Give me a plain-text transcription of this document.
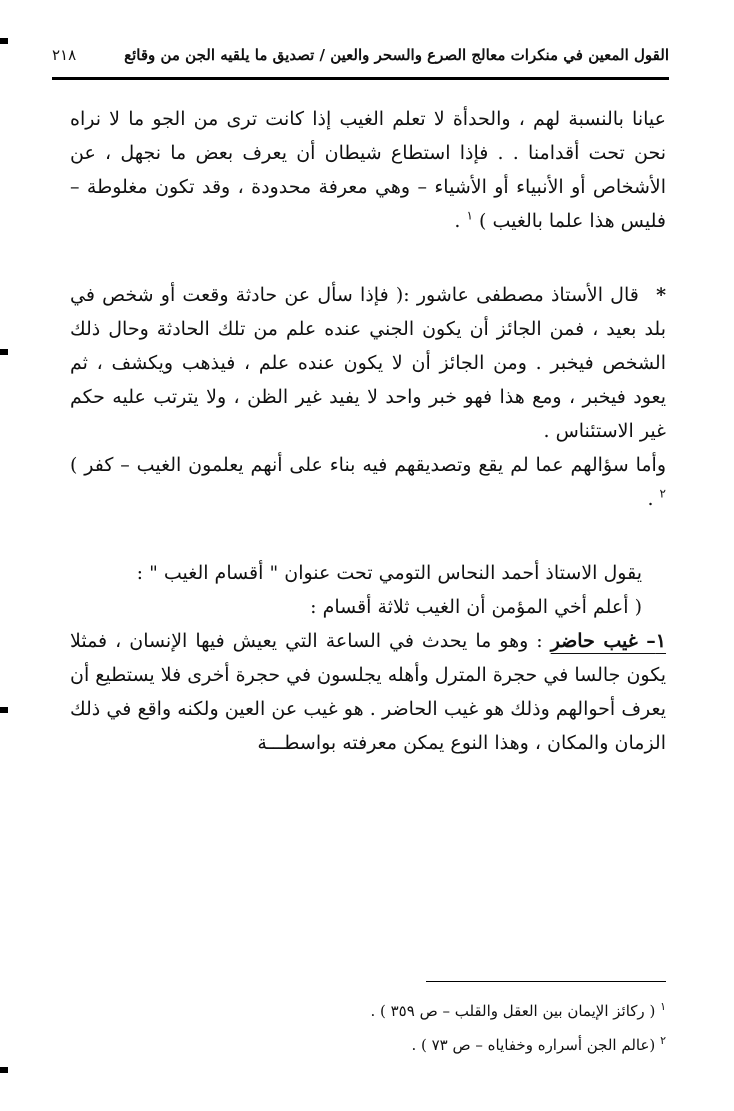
القول المعين في منكرات معالج الصرع والسحر والعين / تصديق ما يلقيه الجن من وقائع
٢١٨

عيانا بالنسبة لهم ، والحدأة لا تعلم الغيب إذا كانت ترى من الجو ما لا نراه نحن تحت أقدامنا . . فإذا استطاع شيطان أن يعرف بعض ما نجهل ، عن الأشخاص أو الأنبياء أو الأشياء – وهي معرفة محدودة ، وقد تكون مغلوطة – فليس هذا علما بالغيب ) $^١$ .

* قال الأستاذ مصطفى عاشور :( فإذا سأل عن حادثة وقعت أو شخص في بلد بعيد ، فمن الجائز أن يكون الجني عنده علم من تلك الحادثة وحال ذلك الشخص فيخبر . ومن الجائز أن لا يكون عنده علم ، فيذهب ويكشف ، ثم يعود فيخبر ، ومع هذا فهو خبر واحد لا يفيد غير الظن ، ولا يترتب عليه حكم غير الاستئناس .

وأما سؤالهم عما لم يقع وتصديقهم فيه بناء على أنهم يعلمون الغيب – كفر ) $^٢$ .

يقول الاستاذ أحمد النحاس التومي تحت عنوان " أقسام الغيب " :

( أعلم أخي المؤمن أن الغيب ثلاثة أقسام :

١– غيب حاضر : وهو ما يحدث في الساعة التي يعيش فيها الإنسان ، فمثلا يكون جالسا في حجرة المترل وأهله يجلسون في حجرة أخرى فلا يستطيع أن يعرف أحوالهم وذلك هو غيب الحاضر . هو غيب عن العين ولكنه واقع في ذلك الزمان والمكان ، وهذا النوع يمكن معرفته بواسطـــة

$^١$ ( ركائز الإيمان بين العقل والقلب – ص ٣٥٩ ) .

$^٢$ (عالم الجن أسراره وخفاياه – ص ٧٣ ) .
